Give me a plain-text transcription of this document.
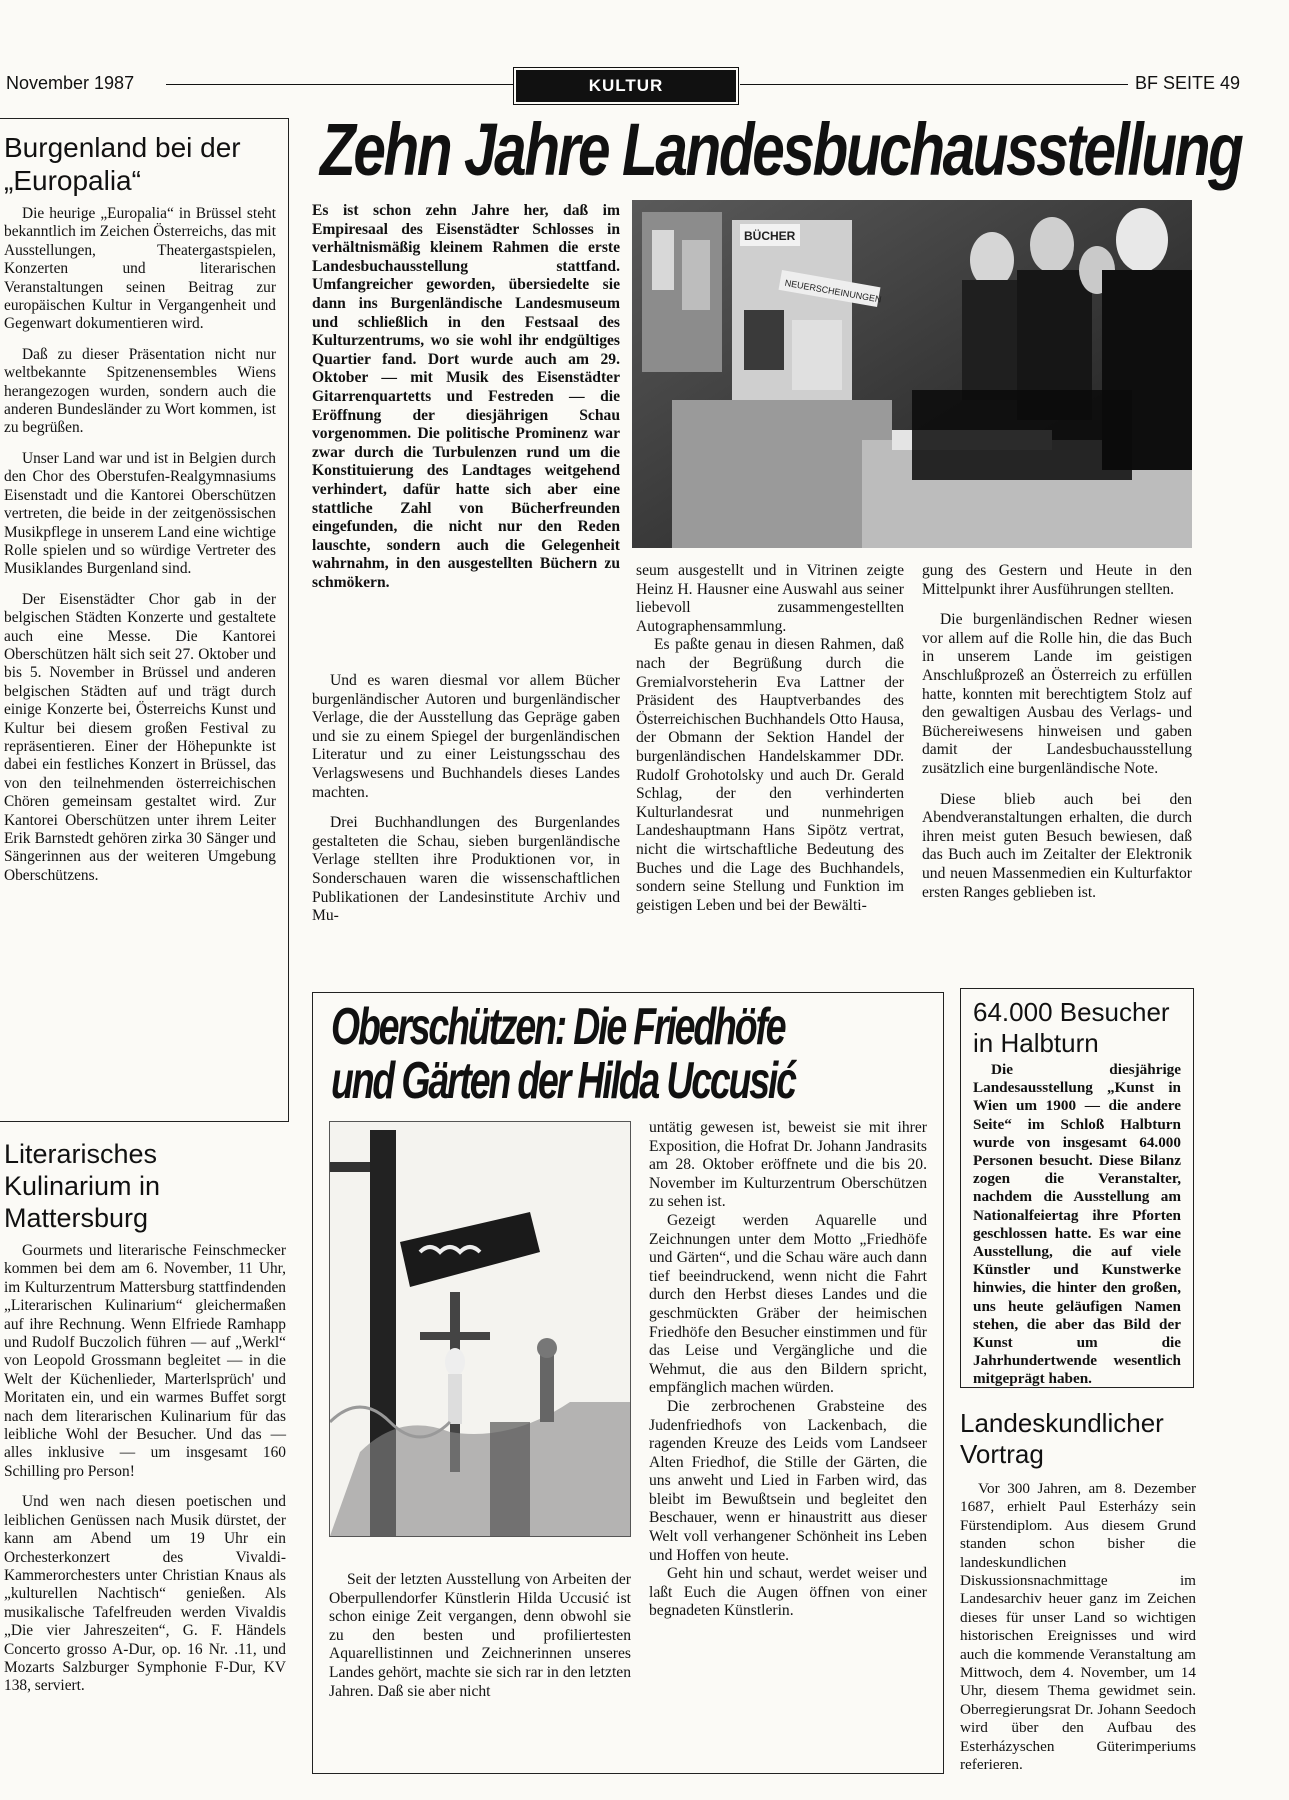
November 1987	KULTUR	BF SEITE 49
Zehn Jahre Landesbuchausstellung
Burgenland bei der „Europalia“

Die heurige „Europalia“ in Brüssel steht bekanntlich im Zeichen Österreichs, das mit Ausstellungen, Theatergastspielen, Konzerten und literarischen Veranstaltungen seinen Beitrag zur europäischen Kultur in Vergangenheit und Gegenwart dokumentieren wird.

Daß zu dieser Präsentation nicht nur weltbekannte Spitzenensembles Wiens herangezogen wurden, sondern auch die anderen Bundesländer zu Wort kommen, ist zu begrüßen.

Unser Land war und ist in Belgien durch den Chor des Oberstufen-Realgymnasiums Eisenstadt und die Kantorei Oberschützen vertreten, die beide in der zeitgenössischen Musikpflege in unserem Land eine wichtige Rolle spielen und so würdige Vertreter des Musiklandes Burgenland sind.

Der Eisenstädter Chor gab in der belgischen Städten Konzerte und gestaltete auch eine Messe. Die Kantorei Oberschützen hält sich seit 27. Oktober und bis 5. November in Brüssel und anderen belgischen Städten auf und trägt durch einige Konzerte bei, Österreichs Kunst und Kultur bei diesem großen Festival zu repräsentieren. Einer der Höhepunkte ist dabei ein festliches Konzert in Brüssel, das von den teilnehmenden österreichischen Chören gemeinsam gestaltet wird. Zur Kantorei Oberschützen unter ihrem Leiter Erik Barnstedt gehören zirka 30 Sänger und Sängerinnen aus der weiteren Umgebung Oberschützens.

Literarisches Kulinarium in Mattersburg

Gourmets und literarische Feinschmecker kommen bei dem am 6. November, 11 Uhr, im Kulturzentrum Mattersburg stattfindenden „Literarischen Kulinarium“ gleichermaßen auf ihre Rechnung. Wenn Elfriede Ramhapp und Rudolf Buczolich führen — auf „Werkl“ von Leopold Grossmann begleitet — in die Welt der Küchenlieder, Marterlsprüch' und Moritaten ein, und ein warmes Buffet sorgt nach dem literarischen Kulinarium für das leibliche Wohl der Besucher. Und das — alles inklusive — um insgesamt 160 Schilling pro Person!

Und wen nach diesen poetischen und leiblichen Genüssen nach Musik dürstet, der kann am Abend um 19 Uhr ein Orchesterkonzert des Vivaldi-Kammerorchesters unter Christian Knaus als „kulturellen Nachtisch“ genießen. Als musikalische Tafelfreuden werden Vivaldis „Die vier Jahreszeiten“, G. F. Händels Concerto grosso A-Dur, op. 16 Nr. .11, und Mozarts Salzburger Symphonie F-Dur, KV 138, serviert.

Es ist schon zehn Jahre her, daß im Empiresaal des Eisenstädter Schlosses in verhältnismäßig kleinem Rahmen die erste Landesbuchausstellung stattfand. Umfangreicher geworden, übersiedelte sie dann ins Burgenländische Landesmuseum und schließlich in den Festsaal des Kulturzentrums, wo sie wohl ihr endgültiges Quartier fand. Dort wurde auch am 29. Oktober — mit Musik des Eisenstädter Gitarrenquartetts und Festreden — die Eröffnung der diesjährigen Schau vorgenommen. Die politische Prominenz war zwar durch die Turbulenzen rund um die Konstituierung des Landtages weitgehend verhindert, dafür hatte sich aber eine stattliche Zahl von Bücherfreunden eingefunden, die nicht nur den Reden lauschte, sondern auch die Gelegenheit wahrnahm, in den ausgestellten Büchern zu schmökern.

Und es waren diesmal vor allem Bücher burgenländischer Autoren und burgenländischer Verlage, die der Ausstellung das Gepräge gaben und sie zu einem Spiegel der burgenländischen Literatur und zu einer Leistungsschau des Verlagswesens und Buchhandels dieses Landes machten.

Drei Buchhandlungen des Burgenlandes gestalteten die Schau, sieben burgenländische Verlage stellten ihre Produktionen vor, in Sonderschauen waren die wissenschaftlichen Publikationen der Landesinstitute Archiv und Mu-

BÜCHER
NEUERSCHEINUNGEN

seum ausgestellt und in Vitrinen zeigte Heinz H. Hausner eine Auswahl aus seiner liebevoll zusammengestellten Autographensammlung.

Es paßte genau in diesen Rahmen, daß nach der Begrüßung durch die Gremialvorsteherin Eva Lattner der Präsident des Hauptverbandes des Österreichischen Buchhandels Otto Hausa, der Obmann der Sektion Handel der burgenländischen Handelskammer DDr. Rudolf Grohotolsky und auch Dr. Gerald Schlag, der den verhinderten Kulturlandesrat und nunmehrigen Landeshauptmann Hans Sipötz vertrat, nicht die wirtschaftliche Bedeutung des Buches und die Lage des Buchhandels, sondern seine Stellung und Funktion im geistigen Leben und bei der Bewälti-

gung des Gestern und Heute in den Mittelpunkt ihrer Ausführungen stellten.

Die burgenländischen Redner wiesen vor allem auf die Rolle hin, die das Buch in unserem Lande im geistigen Anschlußprozeß an Österreich zu erfüllen hatte, konnten mit berechtigtem Stolz auf den gewaltigen Ausbau des Verlags- und Büchereiwesens hinweisen und gaben damit der Landesbuchausstellung zusätzlich eine burgenländische Note.

Diese blieb auch bei den Abendveranstaltungen erhalten, die durch ihren meist guten Besuch bewiesen, daß das Buch auch im Zeitalter der Elektronik und neuen Massenmedien ein Kulturfaktor ersten Ranges geblieben ist.

Oberschützen: Die Friedhöfe
und Gärten der Hilda Uccusić

Seit der letzten Ausstellung von Arbeiten der Oberpullendorfer Künstlerin Hilda Uccusić ist schon einige Zeit vergangen, denn obwohl sie zu den besten und profiliertesten Aquarellistinnen und Zeichnerinnen unseres Landes gehört, machte sie sich rar in den letzten Jahren. Daß sie aber nicht

untätig gewesen ist, beweist sie mit ihrer Exposition, die Hofrat Dr. Johann Jandrasits am 28. Oktober eröffnete und die bis 20. November im Kulturzentrum Oberschützen zu sehen ist.

Gezeigt werden Aquarelle und Zeichnungen unter dem Motto „Friedhöfe und Gärten“, und die Schau wäre auch dann tief beeindruckend, wenn nicht die Fahrt durch den Herbst dieses Landes und die geschmückten Gräber der heimischen Friedhöfe den Besucher einstimmen und für das Leise und Vergängliche und die Wehmut, die aus den Bildern spricht, empfänglich machen würden.

Die zerbrochenen Grabsteine des Judenfriedhofs von Lackenbach, die ragenden Kreuze des Leids vom Landseer Alten Friedhof, die Stille der Gärten, die uns anweht und Lied in Farben wird, das bleibt im Bewußtsein und begleitet den Beschauer, wenn er hinaustritt aus dieser Welt voll verhangener Schönheit ins Leben und Hoffen von heute.

Geht hin und schaut, werdet weiser und laßt Euch die Augen öffnen von einer begnadeten Künstlerin.

64.000 Besucher in Halbturn

Die diesjährige Landesausstellung „Kunst in Wien um 1900 — die andere Seite“ im Schloß Halbturn wurde von insgesamt 64.000 Personen besucht. Diese Bilanz zogen die Veranstalter, nachdem die Ausstellung am Nationalfeiertag ihre Pforten geschlossen hatte. Es war eine Ausstellung, die auf viele Künstler und Kunstwerke hinwies, die hinter den großen, uns heute geläufigen Namen stehen, die aber das Bild der Kunst um die Jahrhundertwende wesentlich mitgeprägt haben.

Landeskundlicher Vortrag

Vor 300 Jahren, am 8. Dezember 1687, erhielt Paul Esterházy sein Fürstendiplom. Aus diesem Grund standen schon bisher die landeskundlichen Diskussionsnachmittage im Landesarchiv heuer ganz im Zeichen dieses für unser Land so wichtigen historischen Ereignisses und wird auch die kommende Veranstaltung am Mittwoch, dem 4. November, um 14 Uhr, diesem Thema gewidmet sein. Oberregierungsrat Dr. Johann Seedoch wird über den Aufbau des Esterházyschen Güterimperiums referieren.
